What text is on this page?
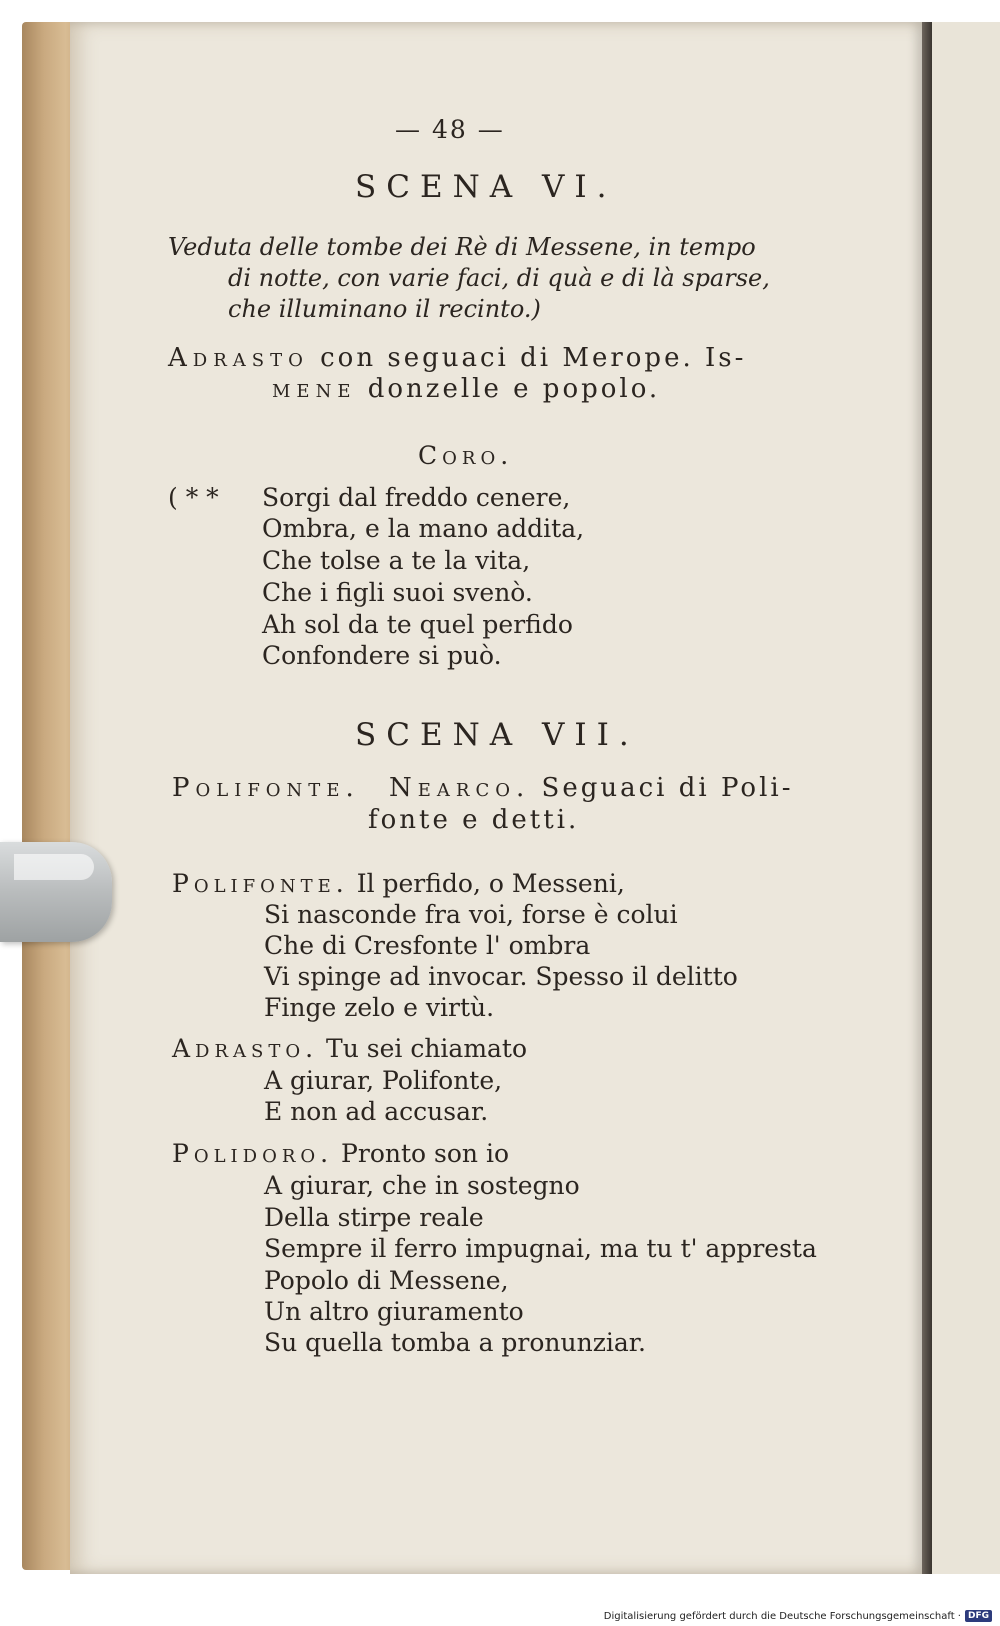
— 48 —
SCENA VI.
Veduta delle tombe dei Rè di Messene, in tempo
di notte, con varie faci, di quà e di là sparse,
che illuminano il recinto.)
Adrasto con seguaci di Merope. Is-
mene donzelle e popolo.
Coro.
( * * Sorgi dal freddo cenere,
Ombra, e la mano addita,
Che tolse a te la vita,
Che i figli suoi svenò.
Ah sol da te quel perfido
Confondere si può.
SCENA VII.
Polifonte. Nearco. Seguaci di Poli-
fonte e detti.
Polifonte. Il perfido, o Messeni,
Si nasconde fra voi, forse è colui
Che di Cresfonte l' ombra
Vi spinge ad invocar. Spesso il delitto
Finge zelo e virtù.
Adrasto. Tu sei chiamato
A giurar, Polifonte,
E non ad accusar.
Polidoro. Pronto son io
A giurar, che in sostegno
Della stirpe reale
Sempre il ferro impugnai, ma tu t' appresta
Popolo di Messene,
Un altro giuramento
Su quella tomba a pronunziar.
Digitalisierung gefördert durch die Deutsche Forschungsgemeinschaft · DFG
